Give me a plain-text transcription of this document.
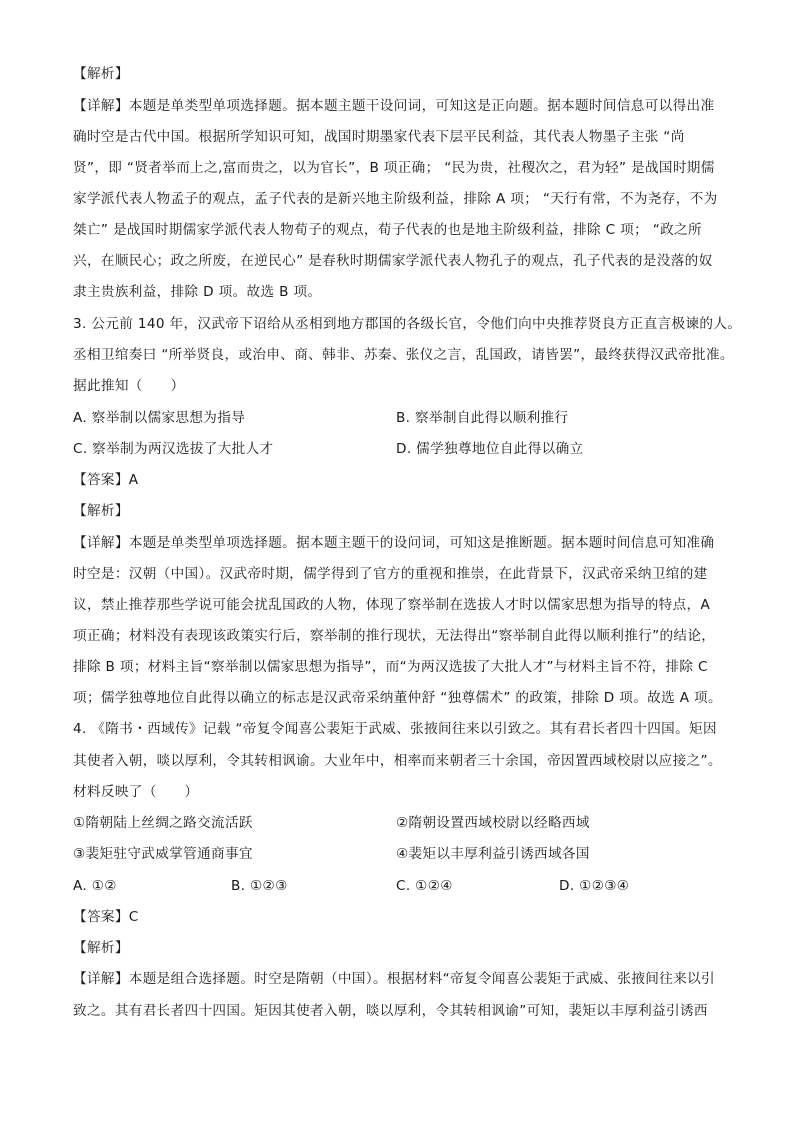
【解析】
【详解】本题是单类型单项选择题。据本题主题干设问词，可知这是正向题。据本题时间信息可以得出准
确时空是古代中国。根据所学知识可知，战国时期墨家代表下层平民利益，其代表人物墨子主张 “尚
贤”，即 “贤者举而上之,富而贵之，以为官长”，B 项正确； “民为贵，社稷次之，君为轻” 是战国时期儒
家学派代表人物孟子的观点，孟子代表的是新兴地主阶级利益，排除 A 项； “天行有常，不为尧存，不为
桀亡” 是战国时期儒家学派代表人物荀子的观点，荀子代表的也是地主阶级利益，排除 C 项； “政之所
兴，在顺民心；政之所废，在逆民心” 是春秋时期儒家学派代表人物孔子的观点，孔子代表的是没落的奴
隶主贵族利益，排除 D 项。故选 B 项。
3. 公元前 140 年，汉武帝下诏给从丞相到地方郡国的各级长官，令他们向中央推荐贤良方正直言极谏的人。
丞相卫绾奏曰 “所举贤良，或治申、商、韩非、苏秦、张仪之言，乱国政，请皆罢”，最终获得汉武帝批准。
据此推知（　　）
A. 察举制以儒家思想为指导	B. 察举制自此得以顺利推行
C. 察举制为两汉选拔了大批人才	D. 儒学独尊地位自此得以确立
【答案】A
【解析】
【详解】本题是单类型单项选择题。据本题主题干的设问词，可知这是推断题。据本题时间信息可知准确
时空是：汉朝（中国）。汉武帝时期，儒学得到了官方的重视和推崇，在此背景下，汉武帝采纳卫绾的建
议，禁止推荐那些学说可能会扰乱国政的人物，体现了察举制在选拔人才时以儒家思想为指导的特点，A
项正确；材料没有表现该政策实行后，察举制的推行现状，无法得出“察举制自此得以顺利推行”的结论，
排除 B 项；材料主旨“察举制以儒家思想为指导”，而“为两汉选拔了大批人才”与材料主旨不符，排除 C
项；儒学独尊地位自此得以确立的标志是汉武帝采纳董仲舒 “独尊儒术” 的政策，排除 D 项。故选 A 项。
4. 《隋书・西域传》记载 “帝复令闻喜公裴矩于武威、张掖间往来以引致之。其有君长者四十四国。矩因
其使者入朝，啖以厚利，令其转相讽谕。大业年中，相率而来朝者三十余国，帝因置西域校尉以应接之”。
材料反映了（　　）
①隋朝陆上丝绸之路交流活跃	②隋朝设置西域校尉以经略西域
③裴矩驻守武威掌管通商事宜	④裴矩以丰厚利益引诱西域各国
A. ①②	B. ①②③	C. ①②④	D. ①②③④
【答案】C
【解析】
【详解】本题是组合选择题。时空是隋朝（中国）。根据材料“帝复令闻喜公裴矩于武威、张掖间往来以引
致之。其有君长者四十四国。矩因其使者入朝，啖以厚利，令其转相讽谕”可知，裴矩以丰厚利益引诱西
